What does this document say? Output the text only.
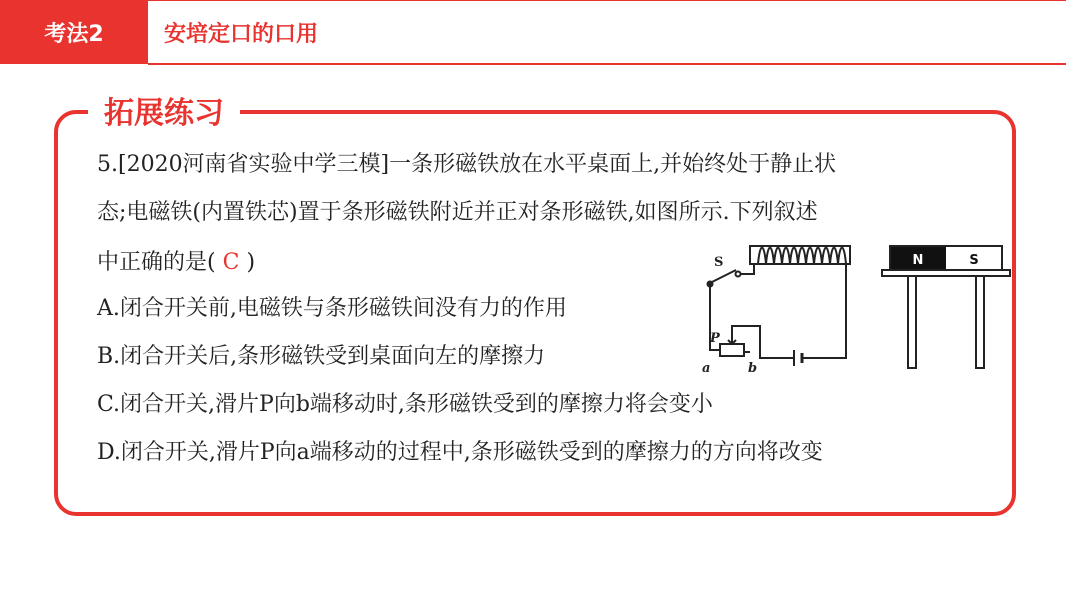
考法2	安培定口的口用
拓展练习
5.[2020河南省实验中学三模]一条形磁铁放在水平桌面上,并始终处于静止状
态;电磁铁(内置铁芯)置于条形磁铁附近并正对条形磁铁,如图所示.下列叙述
中正确的是( C )
A.闭合开关前,电磁铁与条形磁铁间没有力的作用
B.闭合开关后,条形磁铁受到桌面向左的摩擦力
C.闭合开关,滑片P向b端移动时,条形磁铁受到的摩擦力将会变小
D.闭合开关,滑片P向a端移动的过程中,条形磁铁受到的摩擦力的方向将改变
S
P
a	b
N	S
